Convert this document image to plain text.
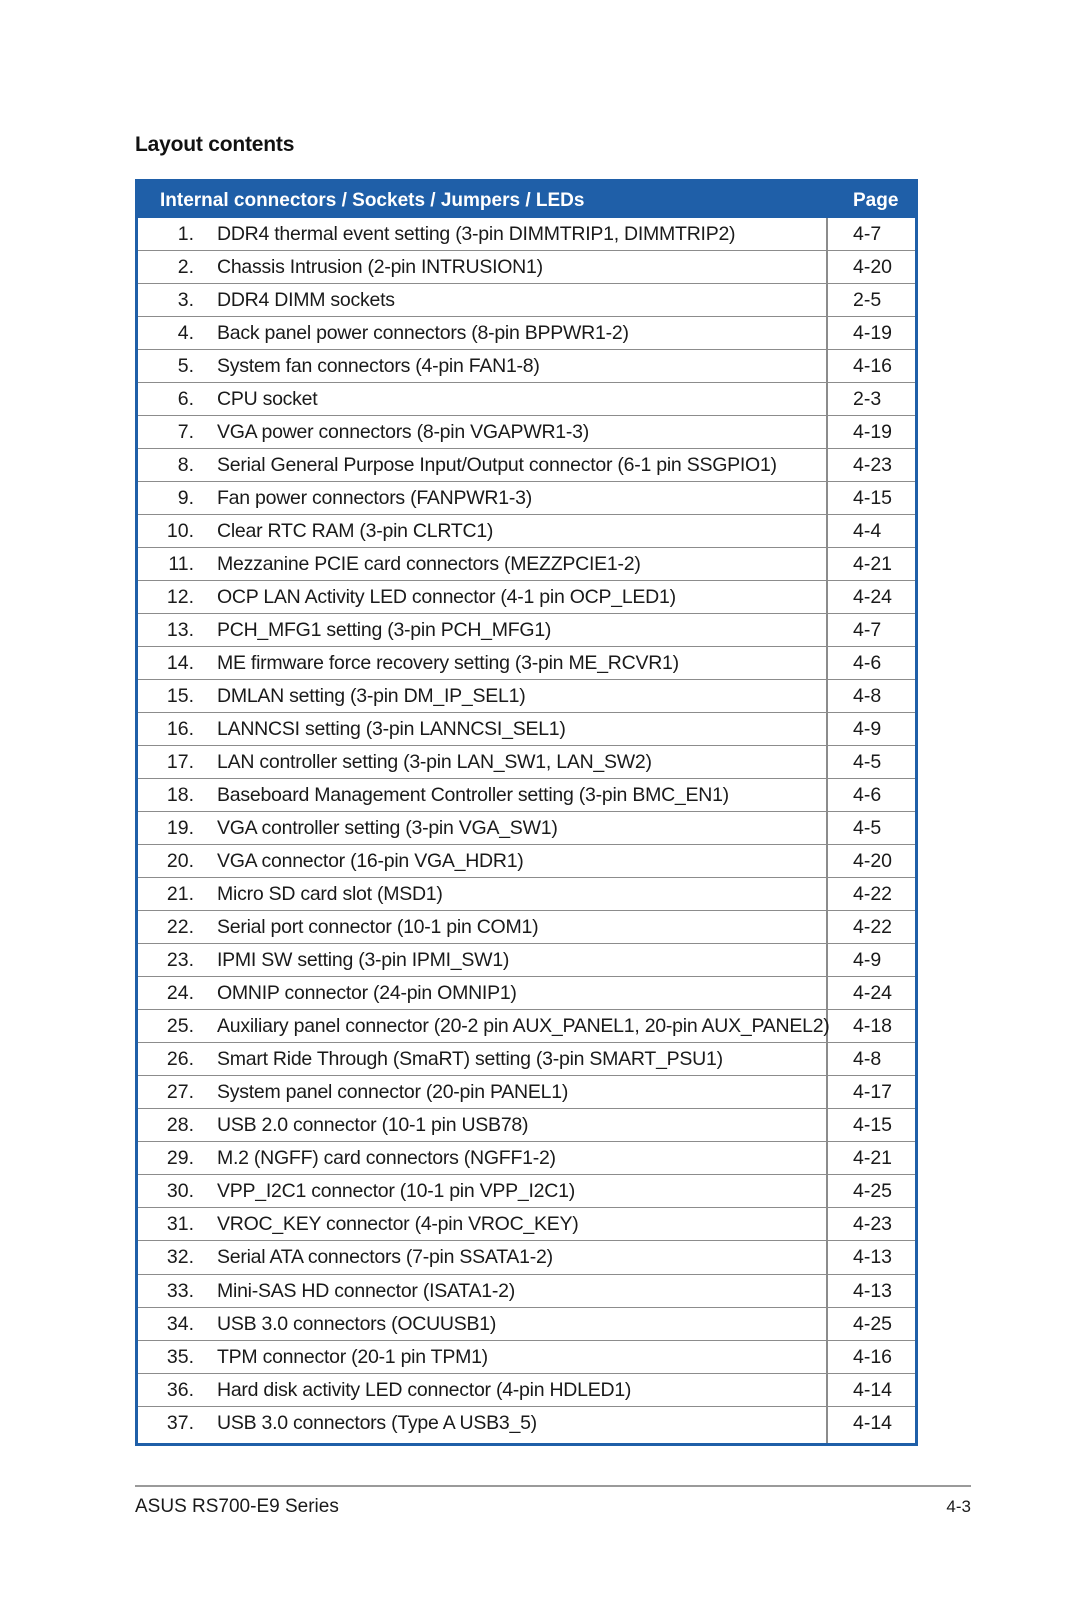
Layout contents
Internal connectors / Sockets / Jumpers / LEDs	Page
1. DDR4 thermal event setting (3-pin DIMMTRIP1, DIMMTRIP2)	4-7
2. Chassis Intrusion (2-pin INTRUSION1)	4-20
3. DDR4 DIMM sockets	2-5
4. Back panel power connectors (8-pin BPPWR1-2)	4-19
5. System fan connectors (4-pin FAN1-8)	4-16
6. CPU socket	2-3
7. VGA power connectors (8-pin VGAPWR1-3)	4-19
8. Serial General Purpose Input/Output connector (6-1 pin SSGPIO1)	4-23
9. Fan power connectors (FANPWR1-3)	4-15
10. Clear RTC RAM (3-pin CLRTC1)	4-4
11. Mezzanine PCIE card connectors (MEZZPCIE1-2)	4-21
12. OCP LAN Activity LED connector (4-1 pin OCP_LED1)	4-24
13. PCH_MFG1 setting (3-pin PCH_MFG1)	4-7
14. ME firmware force recovery setting (3-pin ME_RCVR1)	4-6
15. DMLAN setting (3-pin DM_IP_SEL1)	4-8
16. LANNCSI setting (3-pin LANNCSI_SEL1)	4-9
17. LAN controller setting (3-pin LAN_SW1, LAN_SW2)	4-5
18. Baseboard Management Controller setting (3-pin BMC_EN1)	4-6
19. VGA controller setting (3-pin VGA_SW1)	4-5
20. VGA connector (16-pin VGA_HDR1)	4-20
21. Micro SD card slot (MSD1)	4-22
22. Serial port connector (10-1 pin COM1)	4-22
23. IPMI SW setting (3-pin IPMI_SW1)	4-9
24. OMNIP connector (24-pin OMNIP1)	4-24
25. Auxiliary panel connector (20-2 pin AUX_PANEL1, 20-pin AUX_PANEL2) 4-18
26. Smart Ride Through (SmaRT) setting (3-pin SMART_PSU1)	4-8
27. System panel connector (20-pin PANEL1)	4-17
28. USB 2.0 connector (10-1 pin USB78)	4-15
29. M.2 (NGFF) card connectors (NGFF1-2)	4-21
30. VPP_I2C1 connector (10-1 pin VPP_I2C1)	4-25
31. VROC_KEY connector (4-pin VROC_KEY)	4-23
32. Serial ATA connectors (7-pin SSATA1-2)	4-13
33. Mini-SAS HD connector (ISATA1-2)	4-13
34. USB 3.0 connectors (OCUUSB1)	4-25
35. TPM connector (20-1 pin TPM1)	4-16
36. Hard disk activity LED connector (4-pin HDLED1)	4-14
37. USB 3.0 connectors (Type A USB3_5)	4-14
ASUS RS700-E9 Series	4-3
